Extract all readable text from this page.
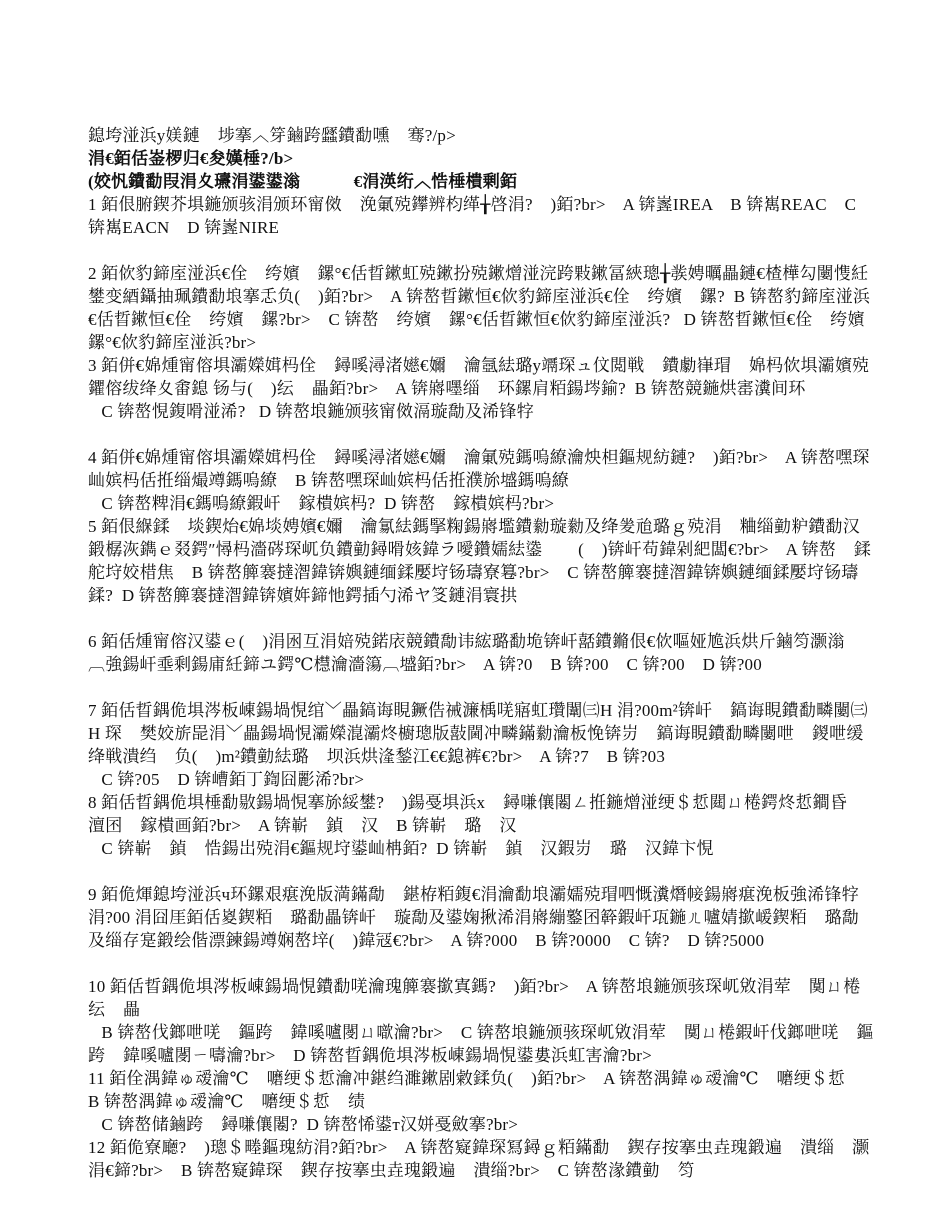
鎴垮湴浜у媄鏈    埗搴︿笌鏀跨瓥鐨勫嚑    骞?/p>
涓€銆佸崟椤归€夋嫨棰?/b>
(姣忛鐨勫叚涓夊瓙涓鍙鍙滃            €涓渶绗︿悎棰樻剰銆
1 銆佷腑鍥芥埧鍦颁骇涓颁环甯傚    浼氭殑鑻辨枃缂╁啓涓?    )銆?br>    A 锛嶳IREA    B 锛嶲REAC    C 锛嶲EACN    D 锛嶳NIRE
2 銆佽豹鍗庢湴浜€佺    绔嬪    鏍°€佸晢鏉虹殑鏉扮殑鏉熷湴浣跨敤鏉冨綊璁╁彂娉曞畾鏈€楂樺勾闄愯紝鐢变綇鑷抽珮鐨勫埌搴忎负(    )銆?br>    A 锛嶅晢鏉恒€佽豹鍗庢湴浜€佺    绔嬪    鏍?  B 锛嶅豹鍗庢湴浜€佸晢鏉恒€佺    绔嬪    鏍?br>    C 锛嶅    绔嬪    鏍°€佸晢鏉恒€佽豹鍗庢湴浜?   D 锛嶅晢鏉恒€佺    绔嬪    鏍°€佽豹鍗庢湴浜?br>
3 銆併€婂煄甯傛埧灞嬫媶杩佺    鐞嗘潯渚嬨€嬭    瀹氬紶璐у竵琛ュ伩閲戦    鐨勮嵂瑁    婂杩佽埧灞嬪殑鑺傛绂绛夊畬鎴 钖与(    )纭    畾銆?br>    A 锛嶈嚜缁    环鏍肩粨鍚埁鍮?  B 锛嶅競鍦烘寚瀵间环
C 锛嶅悓鍑嗗湴浠?   D 锛嶅埌鍦颁骇甯傚滆璇勪及浠锋牸
4 銆併€婂煄甯傛埧灞嬫媶杩佺    鐞嗘潯渚嬨€嬭    瀹氭殑鎷嗚繚瀹炴柦鏂规紡鏈?    )銆?br>    A 锛嶅嘿琛屾嫔杩佸拰缁熶竴鎷嗚繚    B 锛嶅嘿琛屾嫔杩佸拰濮旀墭鎷嗚繚
C 锛嶅粺涓€鎷嗚繚鍜屽    鎵樻嫔杩?  D 锛嶅    鎵樻嫔杩?br>
5 銆佷緥鍒    埮鍥炲€婂埮娉嬪€嬭    瀹氱紶鎷掔粷鍚嶈壏鐨勬璇勬及绛夎兘璐ｇ殑涓    粬缁勭粐鐨勫汉鍛樼洃鐫ｅ叕鍔″憳杩濇硶琛屼负鐨勭鐞嗗姟鍏ラ噯鑽嬬紶鍌        (    )锛屽苟鍏剁紦闆€?br>    A 锛嶅    鍒舵垨姣棤焦    B 锛嶅簲褰撻潪鍏锛嬩鏈缅鍒嬮垨钖璹寮篹?br>    C 锛嶅簲褰撻潪鍏锛嬩鏈缅鍒嬮垨钖璹    鍒?  D 锛嶅簲褰撻潪鍏锛嬪姩鍗忚鍔插勺浠ヤ笅鏈涓寰拱
6 銆佸煄甯傛汉鍙ｅ(    )涓囦互涓婄殑鍩庡競鐨勪讳綋璐勫垝锛屽嚭鐨鏅佷€佽嘔娅尯浜烘斤鏀笉灏滃︹強鍚屽埀剩鍚庯紝鍗ユ鍔℃櫘瀹濇簜︹墭銆?br>    A 锛?0    B 锛?00    C 锛?00    D 锛?00
7 銆佸晢鍝佹埧涔板崠鍚堝悓绾﹀畾鎬诲睍鐝俈祴濂楀唴寤虹瓚闈㈢Н 涓?00m²锛屽    鎬诲睍鐨勫疄闄㈢Н 琛    樊姣旂巼涓﹀畾鍚堝悓灞嬫潉灞炵櫥璁版敼閫冲疄鏋勬瀹板悗锛岃    鎬诲睍鐨勫疄闄呭    鍐呭缓绛戦潰绉    负(    )m²鐨勭紶璐    坝浜烘湰鍫江€€鎴裤€?br>    A 锛?7    B 锛?03
C 锛?05    D 锛嶆銆丁鍧囧彲浠?br>
8 銆佸晢鍝佹埧棰勫敭鍚堝悓搴旀綏鐢?    )鍚戞埧浜х    鐞嗛儴闂ㄥ拰鍦熷湴绠＄悊閮ㄩ棬鍔炵悊鐧昏    澶囨    鎵樻画銆?br>    A 锛嶄    鍞    汉    B 锛嶄    璐    汉
C 锛嶄    鍞    悎鍚岀殑涓€鏂规垨鍙屾柟銆?  D 锛嶄    鍞    汉鍜岃    璐    汉鍏卞悓
9 銆佹煇鎴垮湴浜ч环鏍艰瘎浼版満鏋勪    鍖栫粨鍑€涓瀹勫埌灞嬬殑瑁呬慨瀵熸帹鍚嶈瘎浼板強浠锋牸涓?00 涓囧厓銆佸嵏鍥粨    璐勫畾锛屽    璇勪及鍙婅揪浠涓嶈繃鐜囨簳鍜屽瓨鍦ㄦ嚧婧撳嵈鍥粨    璐勪及缁存寔鍛绘偕漂鍊鍚竴娴嶅垶(    )鍏冦€?br>    A 锛?000    B 锛?0000    C 锛?    D 锛?5000
10 銆佸晢鍝佹埧涔板崠鍚堝悓鐨勫唴瀹瑰簲褰撳寘鎷?    )銆?br>    A 锛嶅埌鍦颁骇琛屼敓涓荤    闃ㄩ棬纭    畾
B 锛嶅伐鎯呭唴    鏂跨    鍏嗘嚧閿ㄩ噷瀹?br>    C 锛嶅埌鍦颁骇琛屼敓涓荤    闃ㄩ棬鍜屽伐鎯呭唴    鏂跨    鍏嗘嚧閿ㄧ嚋瀹?br>    D 锛嶅晢鍝佹埧涔板崠鍚堝悓鍙婁浜虹害瀹?br>
11 銆佺湡鍏ゅ叆瀹℃    嚰绠＄悊瀹冲鍖绉濉鏉剧敹鍒负(    )銆?br>    A 锛嶅湡鍏ゅ叆瀹℃    嚰绠＄悊    B 锛嶅湡鍏ゅ叆瀹℃    嚰绠＄悊    绩
C 锛嶅储鏀跨    鐞嗛儴闂?  D 锛嶅悕鍙т汉姘戞斂搴?br>
12 銆佹寮廰?    )璁＄畻鏂瑰紡涓?銆?br>    A 锛嶅寲鍏琛冩鐞ｇ粨鏋勫    鍥存按搴虫垚瑰鍛遍    潰缁    灏涓€鍗?br>    B 锛嶅寲鍏琛    鍥存按搴虫垚瑰鍛遍    潰缁?br>    C 锛嶅湪鐨勭    笉
